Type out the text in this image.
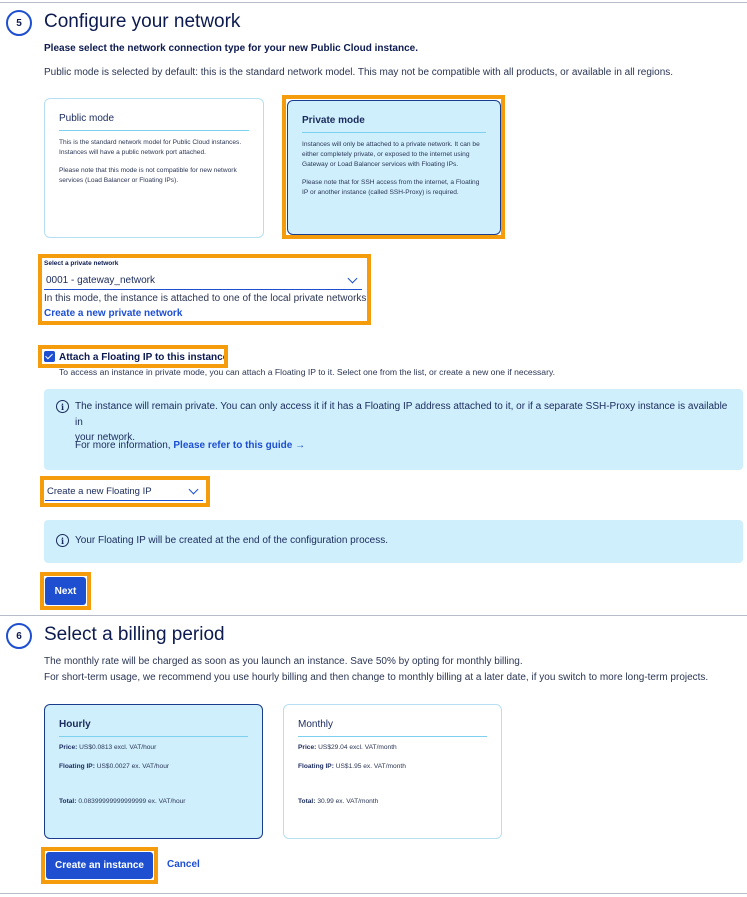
5	Configure your network
Please select the network connection type for your new Public Cloud instance.
Public mode is selected by default: this is the standard network model. This may not be compatible with all products, or available in all regions.
Public mode

This is the standard network model for Public Cloud instances. Instances will have a public network port attached.

Please note that this mode is not compatible for new network services (Load Balancer or Floating IPs).

Private mode

Instances will only be attached to a private network. It can be either completely private, or exposed to the internet using Gateway or Load Balancer services with Floating IPs.

Please note that for SSH access from the internet, a Floating IP or another instance (called SSH-Proxy) is required.

Select a private network
0001 - gateway_network
In this mode, the instance is attached to one of the local private networks.
Create a new private network
Attach a Floating IP to this instance
To access an instance in private mode, you can attach a Floating IP to it. Select one from the list, or create a new one if necessary.
i	The instance will remain private. You can only access it if it has a Floating IP address attached to it, or if a separate SSH-Proxy instance is available in
your network.
For more information, Please refer to this guide →
Create a new Floating IP
i	Your Floating IP will be created at the end of the configuration process.
Next
6	Select a billing period
The monthly rate will be charged as soon as you launch an instance. Save 50% by opting for monthly billing.
For short-term usage, we recommend you use hourly billing and then change to monthly billing at a later date, if you switch to more long-term projects.
Hourly
Price: US$0.0813 excl. VAT/hour
Floating IP: US$0.0027 ex. VAT/hour
Total: 0.08399999999999999 ex. VAT/hour
Monthly
Price: US$29.04 excl. VAT/month
Floating IP: US$1.95 ex. VAT/month
Total: 30.99 ex. VAT/month
Create an instance	Cancel
